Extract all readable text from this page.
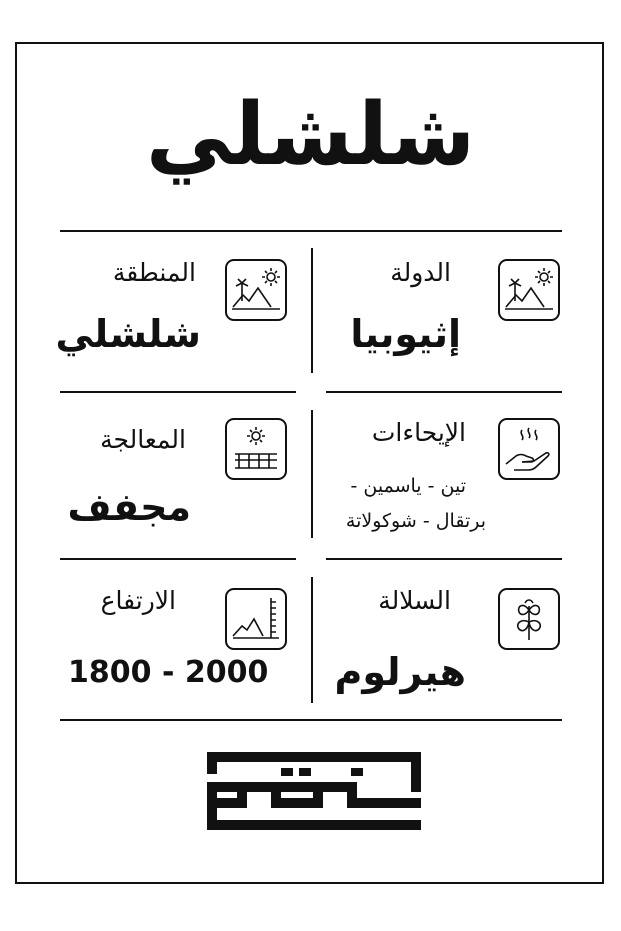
شلشلي
الدولة
إثيوبيا
المنطقة
شلشلي
الإيحاءات
تين - ياسمين -
برتقال - شوكولاتة
المعالجة
مجفف
السلالة
هيرلوم
الارتفاع
1800 - 2000
